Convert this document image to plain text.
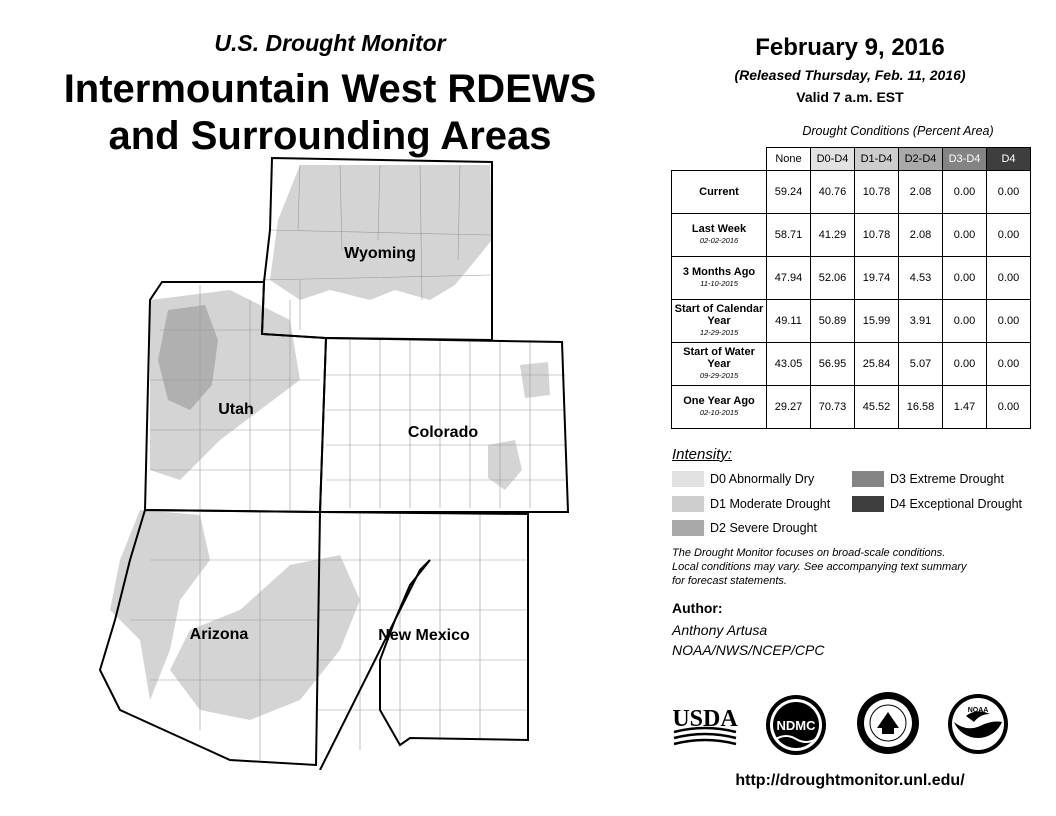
U.S. Drought Monitor
Intermountain West RDEWS
and Surrounding Areas
February 9, 2016
(Released Thursday, Feb. 11, 2016)
Valid 7 a.m. EST
Wyoming
Utah
Colorado
Arizona	New Mexico
Drought Conditions (Percent Area)
	None	D0-D4	D1-D4	D2-D4	D3-D4	D4
Current	59.24	40.76	10.78	2.08	0.00	0.00
Last Week
02-02-2016	58.71	41.29	10.78	2.08	0.00	0.00
3 Months Ago
11-10-2015	47.94	52.06	19.74	4.53	0.00	0.00
Start of Calendar Year
12-29-2015	49.11	50.89	15.99	3.91	0.00	0.00
Start of Water Year
09-29-2015	43.05	56.95	25.84	5.07	0.00	0.00
One Year Ago
02-10-2015	29.27	70.73	45.52	16.58	1.47	0.00
Intensity:
D0 Abnormally Dry
D1 Moderate Drought
D2 Severe Drought
D3 Extreme Drought
D4 Exceptional Drought
The Drought Monitor focuses on broad-scale conditions.
Local conditions may vary. See accompanying text summary
for forecast statements.
Author:
Anthony Artusa
NOAA/NWS/NCEP/CPC
USDA	NDMC
NOAA
http://droughtmonitor.unl.edu/
